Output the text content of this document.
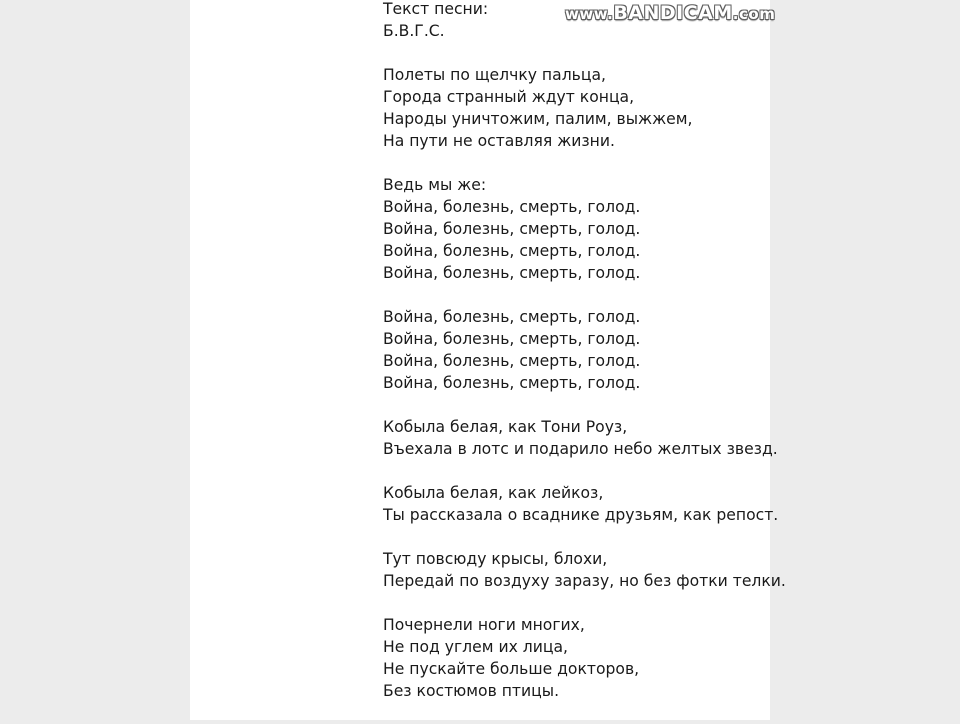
www.BANDICAM.com
Текст песни:
Б.В.Г.С.
Полеты по щелчку пальца,
Города странный ждут конца,
Народы уничтожим, палим, выжжем,
На пути не оставляя жизни.
Ведь мы же:
Война, болезнь, смерть, голод.
Война, болезнь, смерть, голод.
Война, болезнь, смерть, голод.
Война, болезнь, смерть, голод.
Война, болезнь, смерть, голод.
Война, болезнь, смерть, голод.
Война, болезнь, смерть, голод.
Война, болезнь, смерть, голод.
Кобыла белая, как Тони Роуз,
Въехала в лотс и подарило небо желтых звезд.
Кобыла белая, как лейкоз,
Ты рассказала о всаднике друзьям, как репост.
Тут повсюду крысы, блохи,
Передай по воздуху заразу, но без фотки телки.
Почернели ноги многих,
Не под углем их лица,
Не пускайте больше докторов,
Без костюмов птицы.
